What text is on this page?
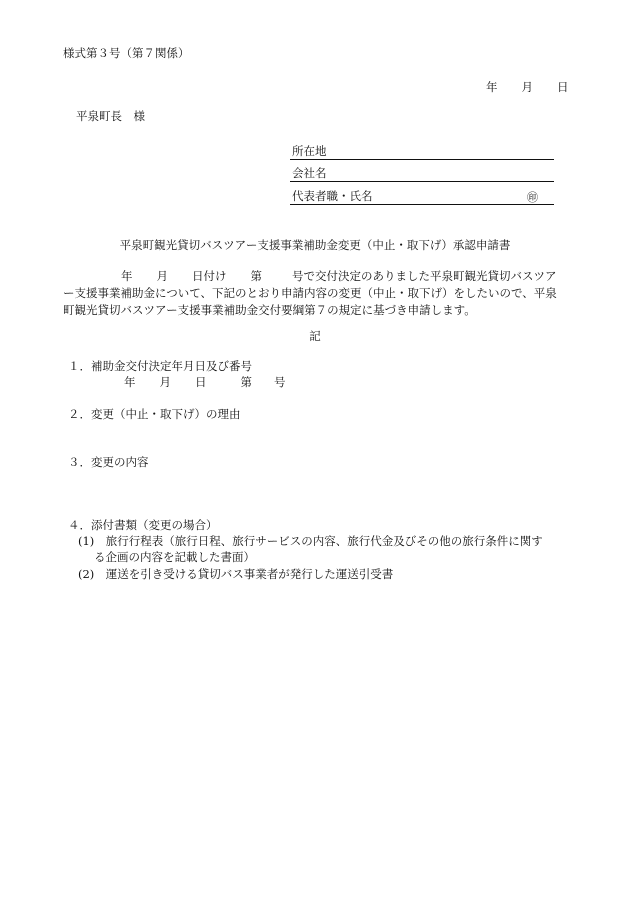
様式第３号（第７関係）
年 月 日
平泉町長　様
所在地
会社名
代表者職・氏名	㊞
平泉町観光貸切バスツアー支援事業補助金変更（中止・取下げ）承認申請書
年 月 日付け 第	号で交付決定のありました平泉町観光貸切バスツア
ー支援事業補助金について、下記のとおり申請内容の変更（中止・取下げ）をしたいので、平泉
町観光貸切バスツアー支援事業補助金交付要綱第７の規定に基づき申請します。
記
１．補助金交付決定年月日及び番号
年 月 日	第 号
２．変更（中止・取下げ）の理由
３．変更の内容
４．添付書類（変更の場合）
(1)　旅行行程表（旅行日程、旅行サービスの内容、旅行代金及びその他の旅行条件に関す
る企画の内容を記載した書面）
(2)　運送を引き受ける貸切バス事業者が発行した運送引受書
